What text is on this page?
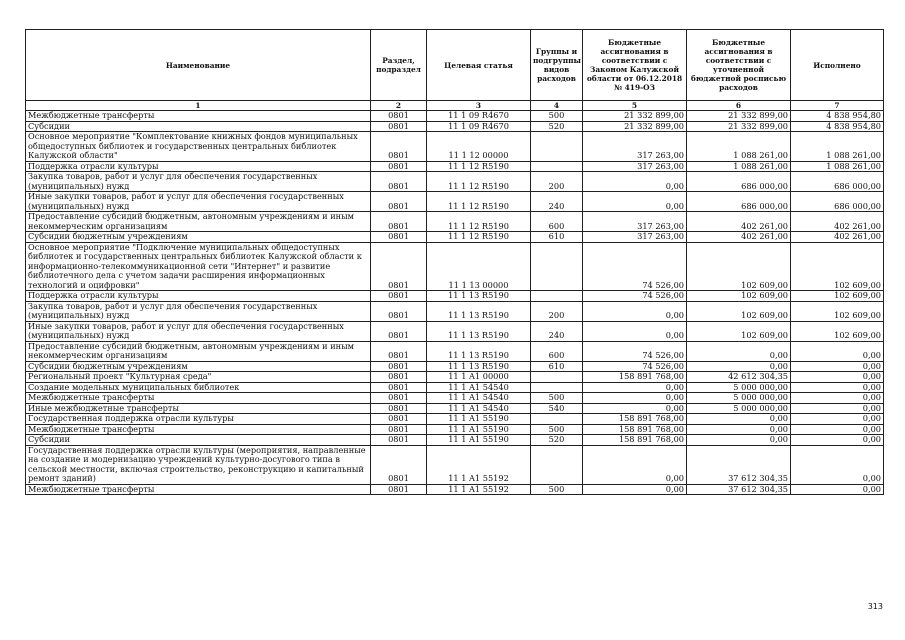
Наименование	Раздел, подраздел	Целевая статья	Группы и подгруппы видов расходов	Бюджетные ассигнования в соответствии с Законом Калужской области от 06.12.2018 № 419-ОЗ	Бюджетные ассигнования в соответствии с уточненной бюджетной росписью расходов	Исполнено
1	2	3	4	5	6	7
Межбюджетные трансферты	0801	11 1 09 R4670	500	21 332 899,00	21 332 899,00	4 838 954,80
Субсидии	0801	11 1 09 R4670	520	21 332 899,00	21 332 899,00	4 838 954,80
Основное мероприятие "Комплектование книжных фондов муниципальных общедоступных библиотек и государственных центральных библиотек Калужской области"	0801	11 1 12 00000		317 263,00	1 088 261,00	1 088 261,00
Поддержка отрасли культуры	0801	11 1 12 R5190		317 263,00	1 088 261,00	1 088 261,00
Закупка товаров, работ и услуг для обеспечения государственных (муниципальных) нужд	0801	11 1 12 R5190	200	0,00	686 000,00	686 000,00
Иные закупки товаров, работ и услуг для обеспечения государственных (муниципальных) нужд	0801	11 1 12 R5190	240	0,00	686 000,00	686 000,00
Предоставление субсидий бюджетным, автономным учреждениям и иным некоммерческим организациям	0801	11 1 12 R5190	600	317 263,00	402 261,00	402 261,00
Субсидии бюджетным учреждениям	0801	11 1 12 R5190	610	317 263,00	402 261,00	402 261,00
Основное мероприятие "Подключение муниципальных общедоступных библиотек и государственных центральных библиотек Калужской области к информационно-телекоммуникационной сети "Интернет" и развитие библиотечного дела с учетом задачи расширения информационных технологий и оцифровки"	0801	11 1 13 00000		74 526,00	102 609,00	102 609,00
Поддержка отрасли культуры	0801	11 1 13 R5190		74 526,00	102 609,00	102 609,00
Закупка товаров, работ и услуг для обеспечения государственных (муниципальных) нужд	0801	11 1 13 R5190	200	0,00	102 609,00	102 609,00
Иные закупки товаров, работ и услуг для обеспечения государственных (муниципальных) нужд	0801	11 1 13 R5190	240	0,00	102 609,00	102 609,00
Предоставление субсидий бюджетным, автономным учреждениям и иным некоммерческим организациям	0801	11 1 13 R5190	600	74 526,00	0,00	0,00
Субсидии бюджетным учреждениям	0801	11 1 13 R5190	610	74 526,00	0,00	0,00
Региональный проект "Культурная среда"	0801	11 1 A1 00000		158 891 768,00	42 612 304,35	0,00
Создание модельных муниципальных библиотек	0801	11 1 A1 54540		0,00	5 000 000,00	0,00
Межбюджетные трансферты	0801	11 1 A1 54540	500	0,00	5 000 000,00	0,00
Иные межбюджетные трансферты	0801	11 1 A1 54540	540	0,00	5 000 000,00	0,00
Государственная поддержка отрасли культуры	0801	11 1 A1 55190		158 891 768,00	0,00	0,00
Межбюджетные трансферты	0801	11 1 A1 55190	500	158 891 768,00	0,00	0,00
Субсидии	0801	11 1 A1 55190	520	158 891 768,00	0,00	0,00
Государственная поддержка отрасли культуры (мероприятия, направленные на создание и модернизацию учреждений культурно-досугового типа в сельской местности, включая строительство, реконструкцию и капитальный ремонт зданий)	0801	11 1 A1 55192		0,00	37 612 304,35	0,00
Межбюджетные трансферты	0801	11 1 A1 55192	500	0,00	37 612 304,35	0,00
313
